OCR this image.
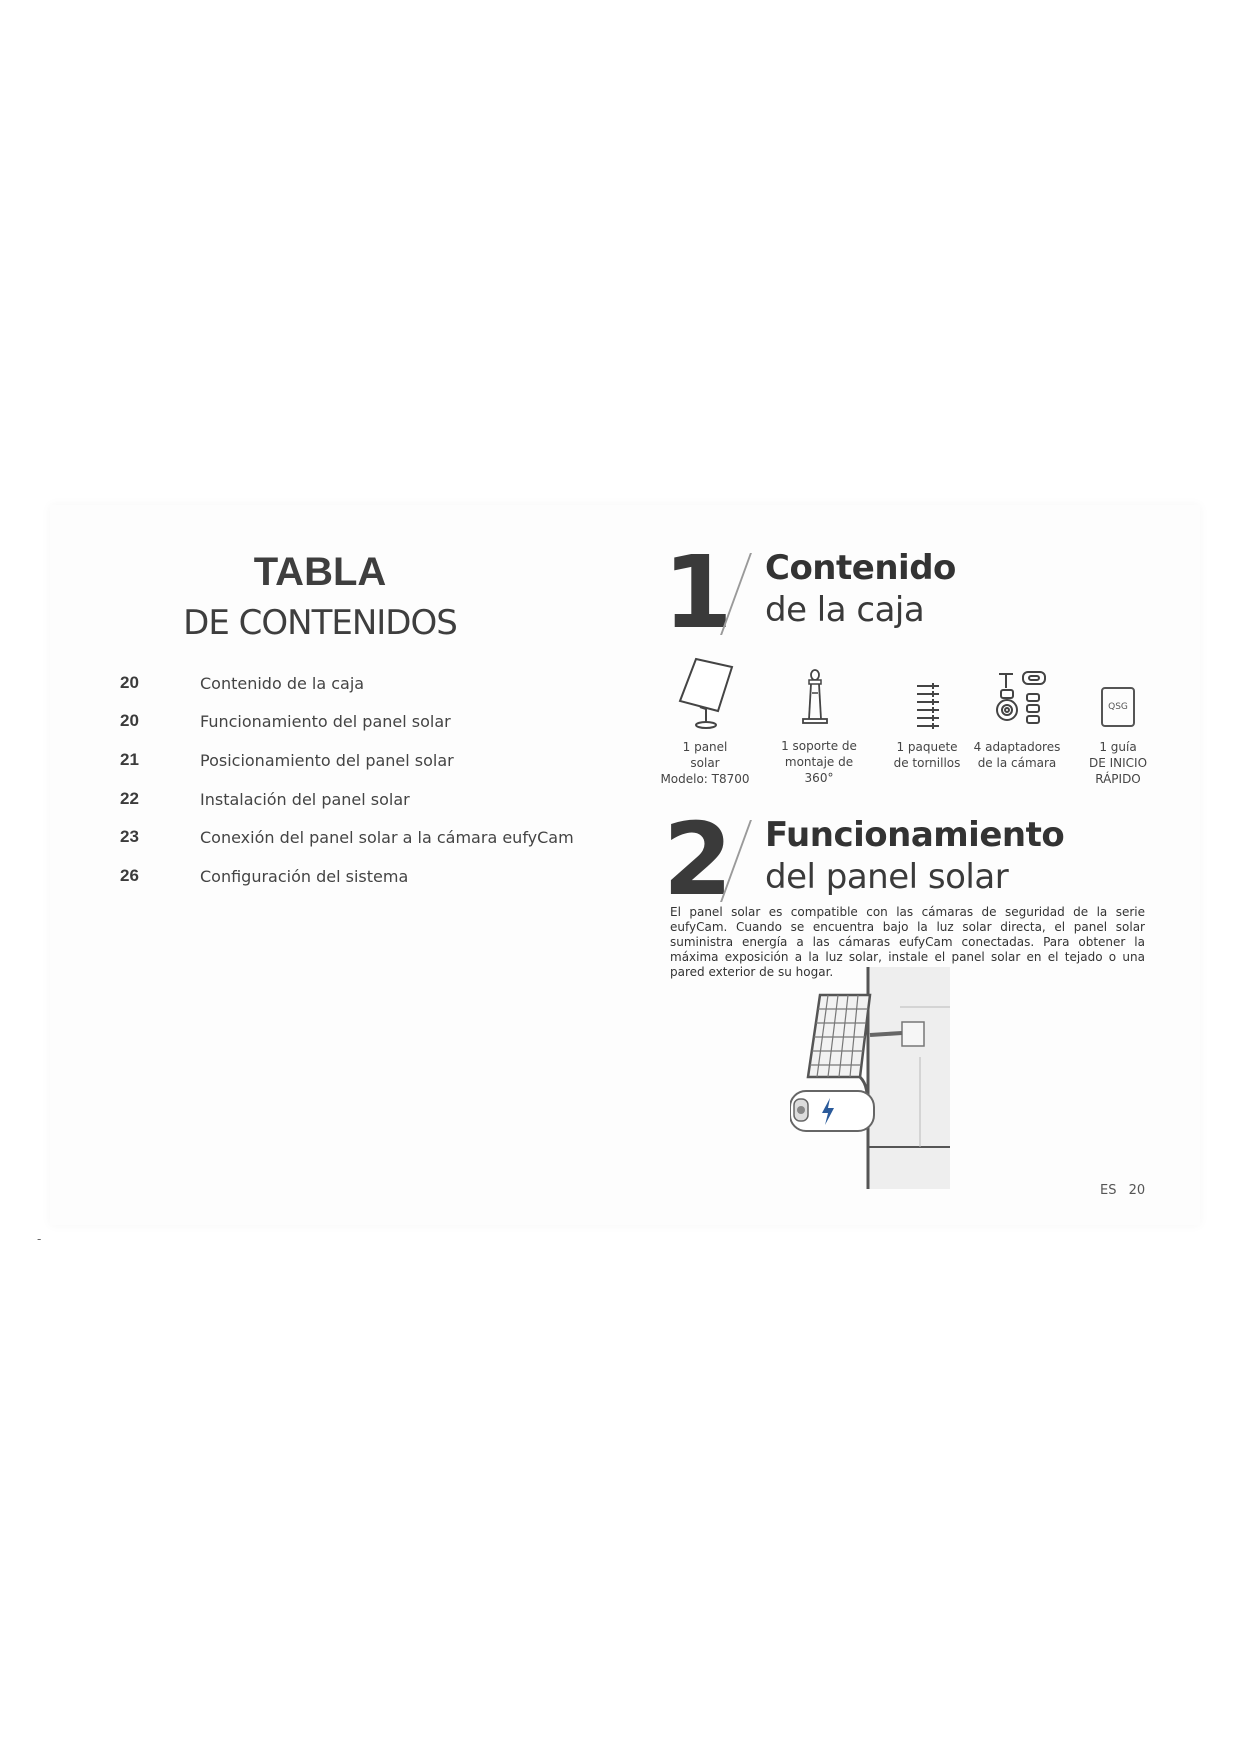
TABLA
DE CONTENIDOS
20	Contenido de la caja
20	Funcionamiento del panel solar
21	Posicionamiento del panel solar
22	Instalación del panel solar
23	Conexión del panel solar a la cámara eufyCam
26	Configuración del sistema
1 Contenido
de la caja
1 panel
solar
Modelo: T8700
1 soporte de
montaje de
360°
1 paquete
de tornillos
4 adaptadores
de la cámara
QSG
1 guía
DE INICIO
RÁPIDO
2 Funcionamiento
del panel solar
El panel solar es compatible con las cámaras de seguridad de la serie eufyCam. Cuando se encuentra bajo la luz solar directa, el panel solar suministra energía a las cámaras eufyCam conectadas. Para obtener la máxima exposición a la luz solar, instale el panel solar en el tejado o una pared exterior de su hogar.
ES 20
-
